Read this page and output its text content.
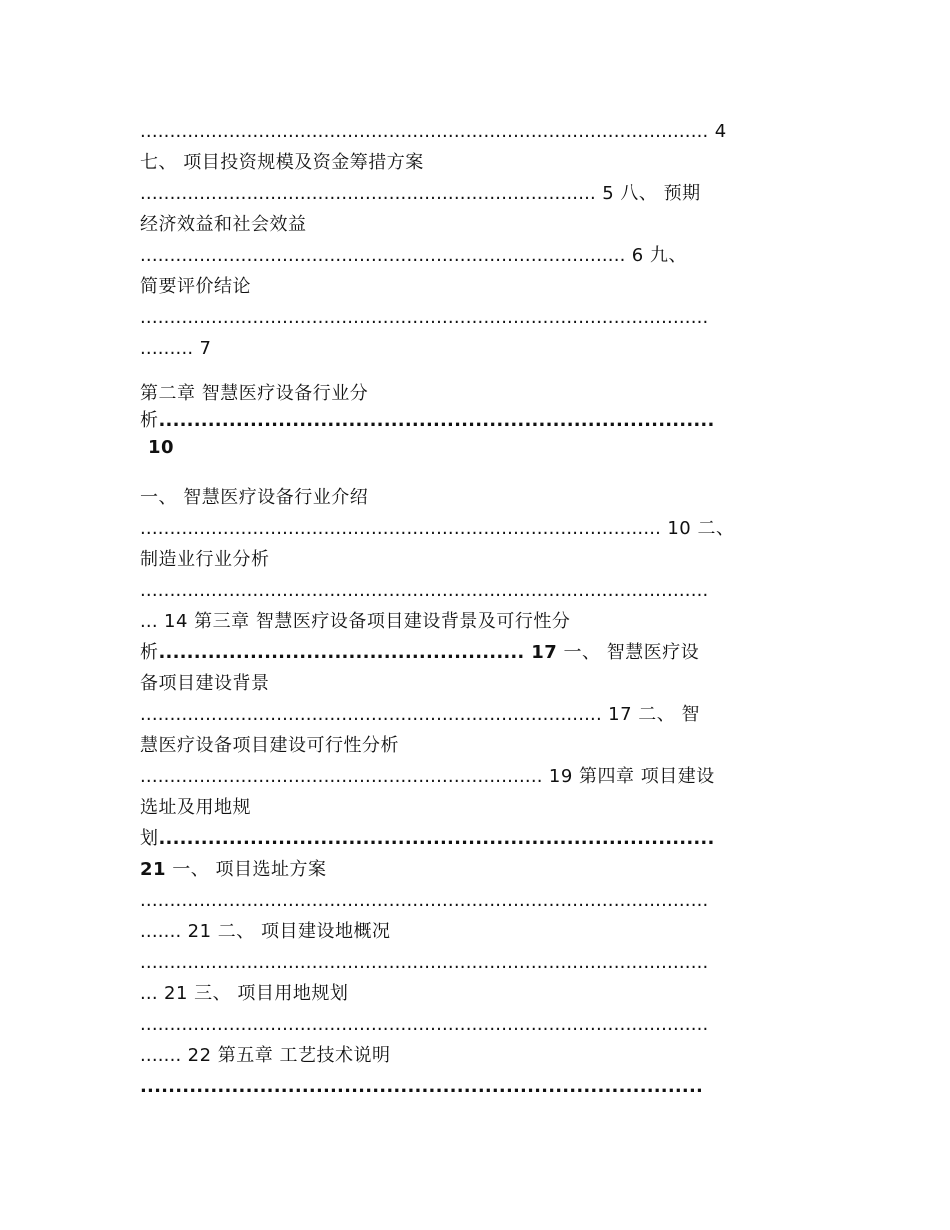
................................................................................................ 4
七、 项目投资规模及资金筹措方案
............................................................................. 5 八、 预期
经济效益和社会效益
.................................................................................. 6 九、
简要评价结论
................................................................................................
......... 7
第二章 智慧医疗设备行业分
析...............................................................................
10
一、 智慧医疗设备行业介绍
........................................................................................ 10 二、
制造业行业分析
................................................................................................
... 14 第三章 智慧医疗设备项目建设背景及可行性分
析.................................................... 17 一、 智慧医疗设
备项目建设背景
.............................................................................. 17 二、 智
慧医疗设备项目建设可行性分析
.................................................................... 19 第四章 项目建设
选址及用地规
划...............................................................................
21 一、 项目选址方案
................................................................................................
....... 21 二、 项目建设地概况
................................................................................................
... 21 三、 项目用地规划
................................................................................................
....... 22 第五章 工艺技术说明
................................................................................
